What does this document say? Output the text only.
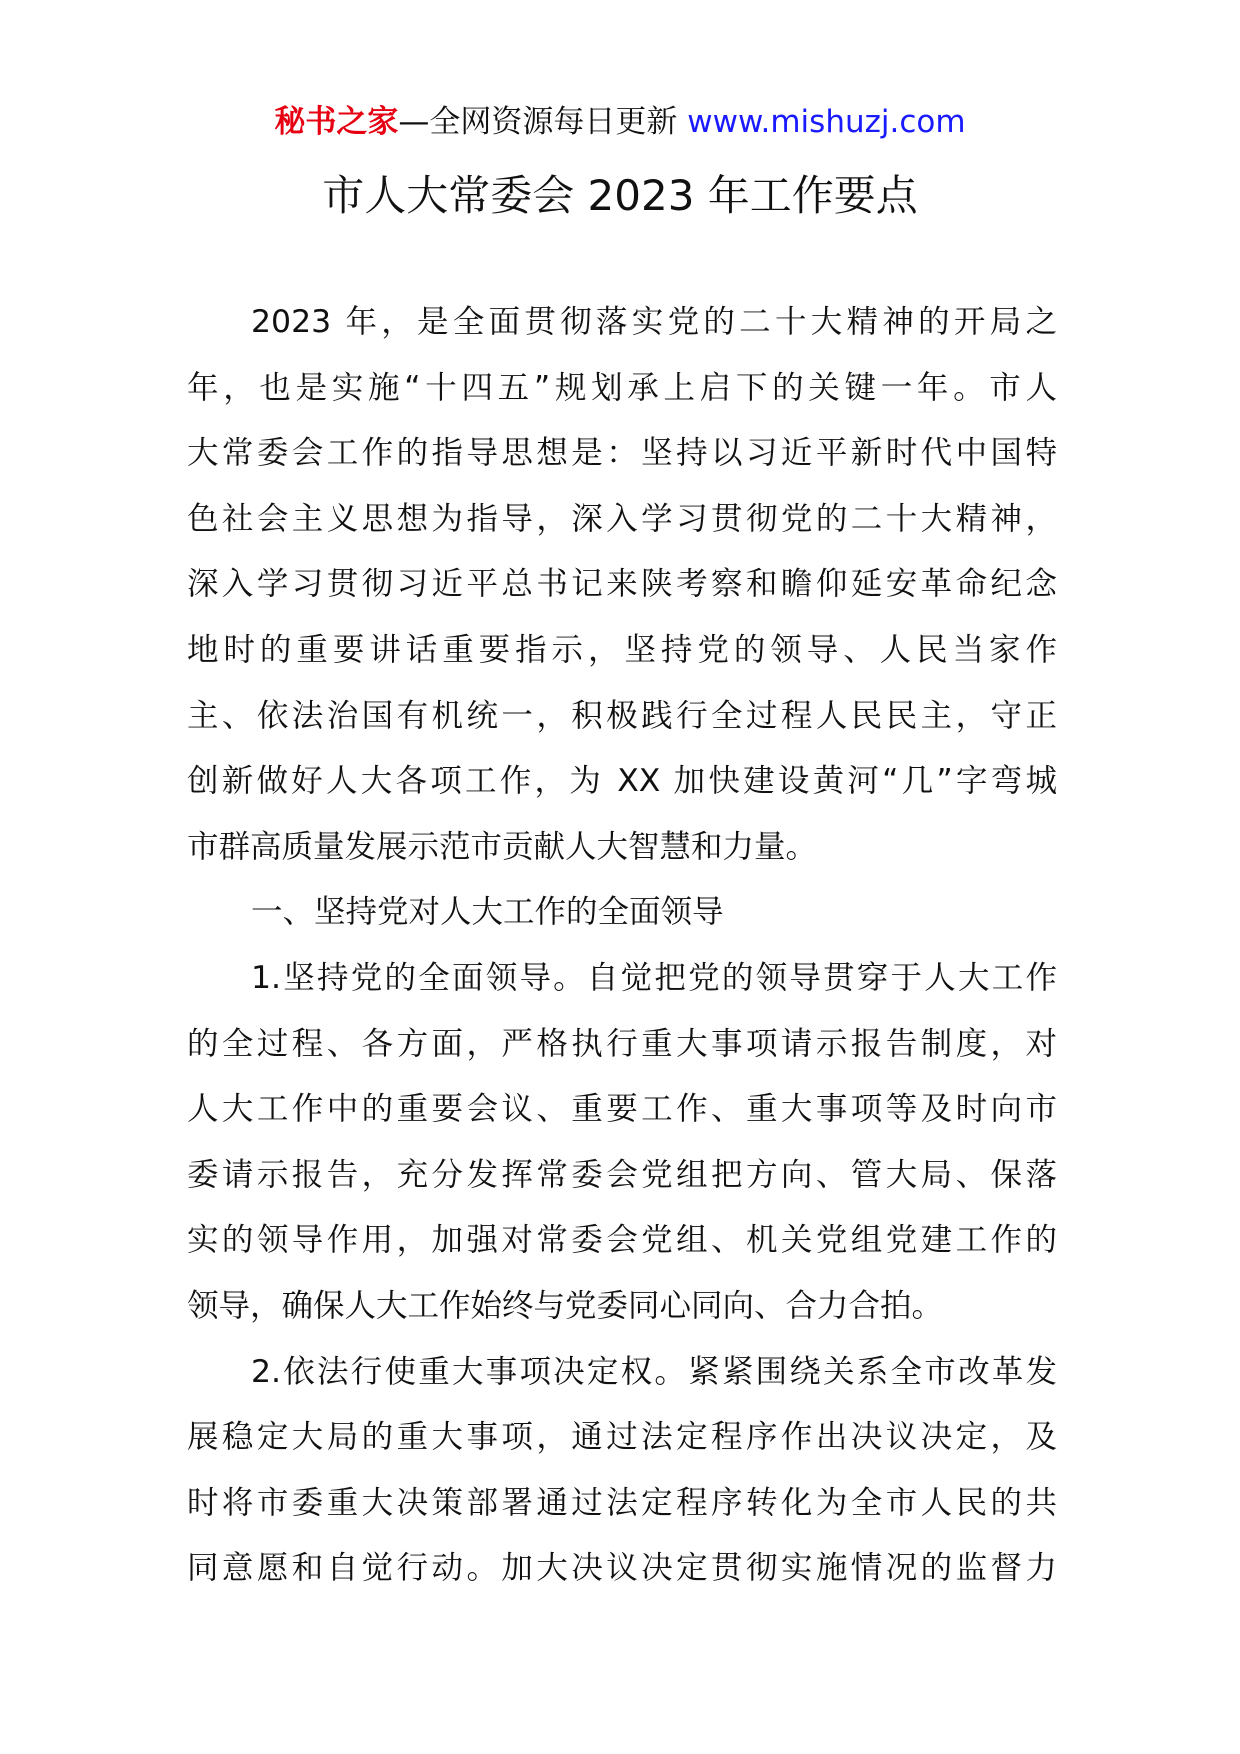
秘书之家—全网资源每日更新 www.mishuzj.com
市人大常委会 2023 年工作要点
2023 年，是全面贯彻落实党的二十大精神的开局之
年，也是实施“十四五”规划承上启下的关键一年。市人
大常委会工作的指导思想是：坚持以习近平新时代中国特
色社会主义思想为指导，深入学习贯彻党的二十大精神，
深入学习贯彻习近平总书记来陕考察和瞻仰延安革命纪念
地时的重要讲话重要指示，坚持党的领导、人民当家作
主、依法治国有机统一，积极践行全过程人民民主，守正
创新做好人大各项工作，为 XX 加快建设黄河“几”字弯城
市群高质量发展示范市贡献人大智慧和力量。
一、坚持党对人大工作的全面领导
1.坚持党的全面领导。自觉把党的领导贯穿于人大工作
的全过程、各方面，严格执行重大事项请示报告制度，对
人大工作中的重要会议、重要工作、重大事项等及时向市
委请示报告，充分发挥常委会党组把方向、管大局、保落
实的领导作用，加强对常委会党组、机关党组党建工作的
领导，确保人大工作始终与党委同心同向、合力合拍。
2.依法行使重大事项决定权。紧紧围绕关系全市改革发
展稳定大局的重大事项，通过法定程序作出决议决定，及
时将市委重大决策部署通过法定程序转化为全市人民的共
同意愿和自觉行动。加大决议决定贯彻实施情况的监督力
